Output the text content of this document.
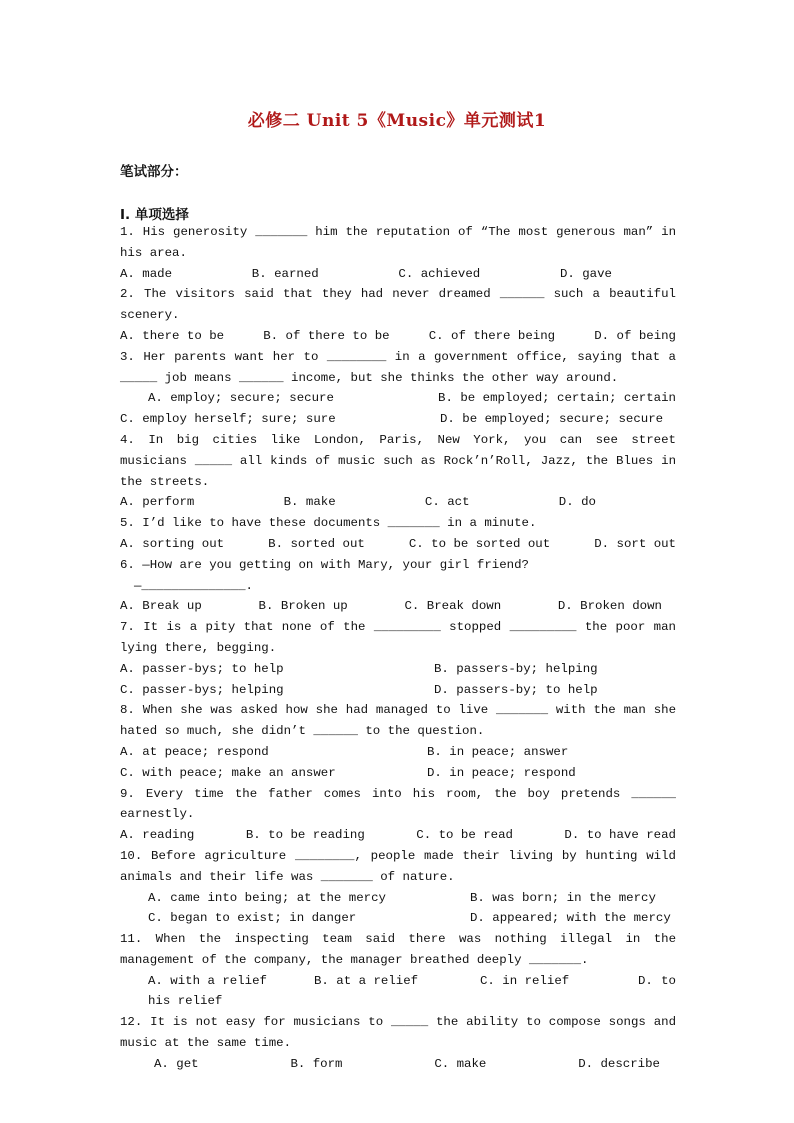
必修二 Unit 5《Music》单元测试1
笔试部分：
I. 单项选择
1. His generosity _______ him the reputation of “The most generous man” in his area.
A. made	B. earned	C. achieved	D. gave
2. The visitors said that they had never dreamed ______ such a beautiful scenery.
A. there to be	B. of there to be	C. of there being	D. of being
3. Her parents want her to ________ in a government office, saying that a _____ job means ______ income, but she thinks the other way around.
A. employ; secure; secure	B. be employed; certain; certain
C. employ herself; sure; sure	D. be employed; secure; secure
4. In big cities like London, Paris, New York, you can see street musicians _____ all kinds of music such as Rock’n’Roll, Jazz, the Blues in the streets.
A. perform	B. make	C. act	D. do
5. I’d like to have these documents _______ in a minute.
A. sorting out	B. sorted out	C. to be sorted out	D. sort out
6. —How are you getting on with Mary, your girl friend?
—______________.
A. Break up	B. Broken up	C. Break down	D. Broken down
7. It is a pity that none of the _________ stopped _________ the poor man lying there, begging.
A. passer-bys; to help	B. passers-by; helping
C. passer-bys; helping	D. passers-by; to help
8. When she was asked how she had managed to live _______ with the man she hated so much, she didn’t ______ to the question.
A. at peace; respond	B. in peace; answer
C. with peace; make an answer	D. in peace; respond
9. Every time the father comes into his room, the boy pretends ______ earnestly.
A. reading	B. to be reading	C. to be read	D. to have read
10. Before agriculture ________, people made their living by hunting wild animals and their life was _______ of nature.
A. came into being; at the mercy	B. was born; in the mercy
C. began to exist; in danger	D. appeared; with the mercy
11. When the inspecting team said there was nothing illegal in the management of the company, the manager breathed deeply _______.
A. with a relief	B. at a relief	C. in relief	D. to his relief
12. It is not easy for musicians to _____ the ability to compose songs and music at the same time.
A. get	B. form	C. make	D. describe
